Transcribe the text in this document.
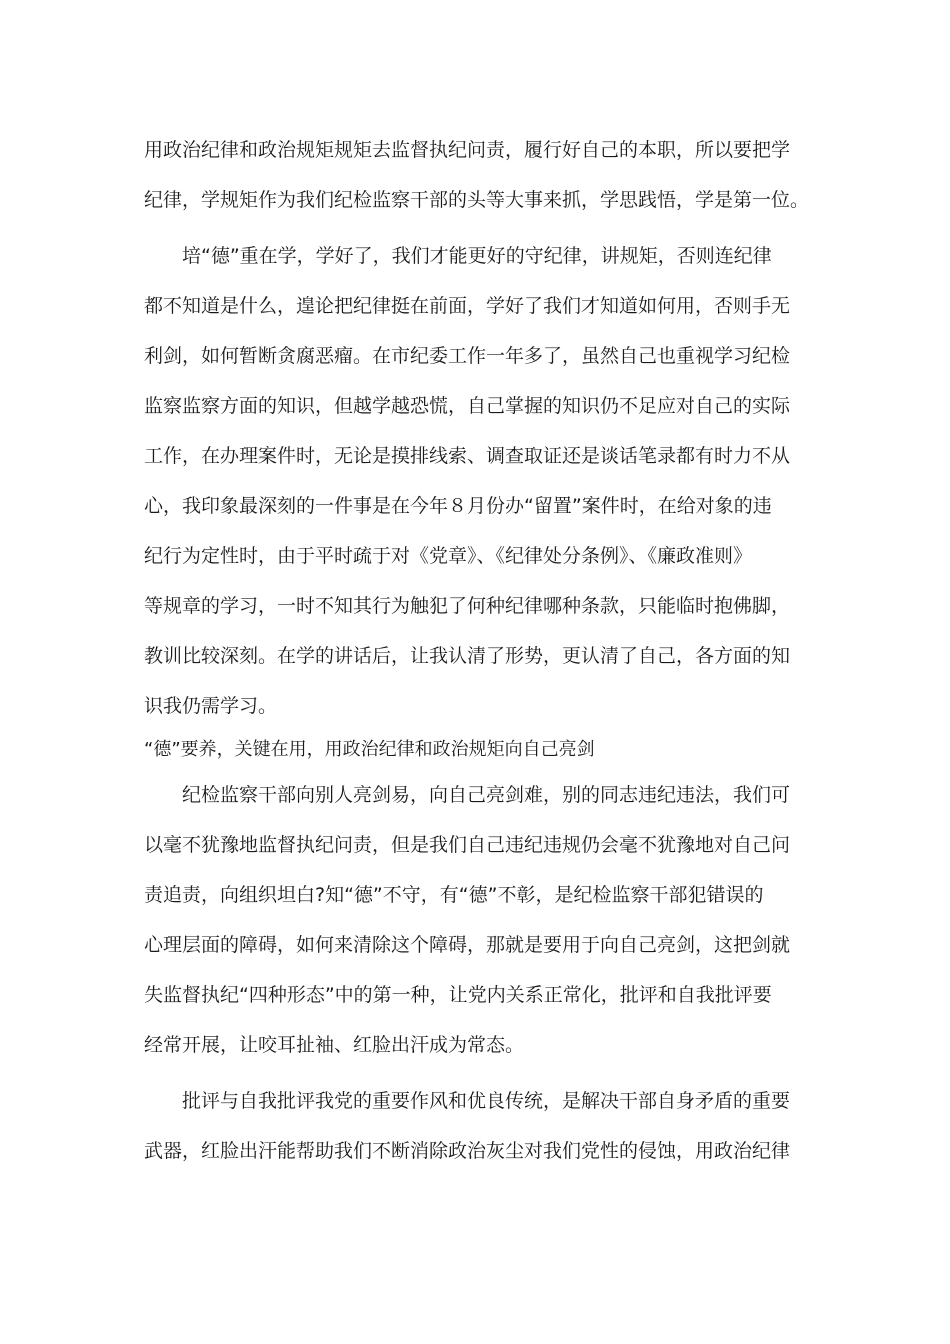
用政治纪律和政治规矩规矩去监督执纪问责，履行好自己的本职，所以要把学
纪律，学规矩作为我们纪检监察干部的头等大事来抓，学思践悟，学是第一位。
培“德”重在学，学好了，我们才能更好的守纪律，讲规矩，否则连纪律
都不知道是什么，遑论把纪律挺在前面，学好了我们才知道如何用，否则手无
利剑，如何暂断贪腐恶瘤。在市纪委工作一年多了，虽然自己也重视学习纪检
监察监察方面的知识，但越学越恐慌，自己掌握的知识仍不足应对自己的实际
工作，在办理案件时，无论是摸排线索、调查取证还是谈话笔录都有时力不从
心，我印象最深刻的一件事是在今年８月份办“留置”案件时，在给对象的违
纪行为定性时，由于平时疏于对《党章》、《纪律处分条例》、《廉政准则》
等规章的学习，一时不知其行为触犯了何种纪律哪种条款，只能临时抱佛脚，
教训比较深刻。在学的讲话后，让我认清了形势，更认清了自己，各方面的知
识我仍需学习。
“德”要养，关键在用，用政治纪律和政治规矩向自己亮剑
纪检监察干部向别人亮剑易，向自己亮剑难，别的同志违纪违法，我们可
以毫不犹豫地监督执纪问责，但是我们自己违纪违规仍会毫不犹豫地对自己问
责追责，向组织坦白?知“德”不守，有“德”不彰，是纪检监察干部犯错误的
心理层面的障碍，如何来清除这个障碍，那就是要用于向自己亮剑，这把剑就
失监督执纪“四种形态”中的第一种，让党内关系正常化，批评和自我批评要
经常开展，让咬耳扯袖、红脸出汗成为常态。
批评与自我批评我党的重要作风和优良传统，是解决干部自身矛盾的重要
武器，红脸出汗能帮助我们不断消除政治灰尘对我们党性的侵蚀，用政治纪律
